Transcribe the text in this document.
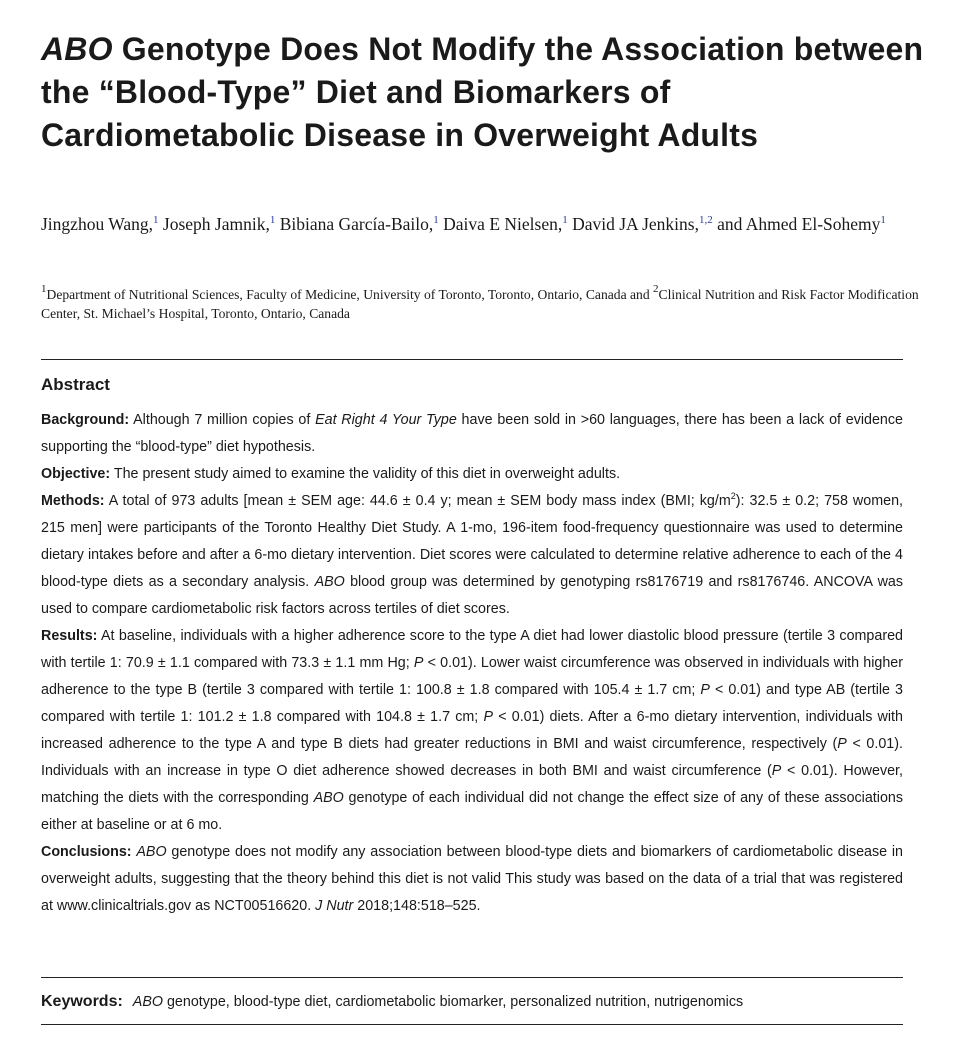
ABO Genotype Does Not Modify the Association between the “Blood-Type” Diet and Biomarkers of Cardiometabolic Disease in Overweight Adults
Jingzhou Wang,$^1$ Joseph Jamnik,$^1$ Bibiana García-Bailo,$^1$ Daiva E Nielsen,$^1$ David JA Jenkins,$^{1,2}$ and Ahmed El-Sohemy$^1$
$^1$Department of Nutritional Sciences, Faculty of Medicine, University of Toronto, Toronto, Ontario, Canada and $^2$Clinical Nutrition and Risk Factor Modification Center, St. Michael’s Hospital, Toronto, Ontario, Canada
Abstract

Background: Although 7 million copies of Eat Right 4 Your Type have been sold in >60 languages, there has been a lack of evidence supporting the “blood-type” diet hypothesis.

Objective: The present study aimed to examine the validity of this diet in overweight adults.

Methods: A total of 973 adults [mean ± SEM age: 44.6 ± 0.4 y; mean ± SEM body mass index (BMI; $kg/m^2$): 32.5 ± 0.2; 758 women, 215 men] were participants of the Toronto Healthy Diet Study. A 1-mo, 196-item food-frequency questionnaire was used to determine dietary intakes before and after a 6-mo dietary intervention. Diet scores were calculated to determine relative adherence to each of the 4 blood-type diets as a secondary analysis. ABO blood group was determined by genotyping rs8176719 and rs8176746. ANCOVA was used to compare cardiometabolic risk factors across tertiles of diet scores.

Results: At baseline, individuals with a higher adherence score to the type A diet had lower diastolic blood pressure (tertile 3 compared with tertile 1: 70.9 ± 1.1 compared with 73.3 ± 1.1 mm Hg; P < 0.01). Lower waist circumference was observed in individuals with higher adherence to the type B (tertile 3 compared with tertile 1: 100.8 ± 1.8 compared with 105.4 ± 1.7 cm; P < 0.01) and type AB (tertile 3 compared with tertile 1: 101.2 ± 1.8 compared with 104.8 ± 1.7 cm; P < 0.01) diets. After a 6-mo dietary intervention, individuals with increased adherence to the type A and type B diets had greater reductions in BMI and waist circumference, respectively (P < 0.01). Individuals with an increase in type O diet adherence showed decreases in both BMI and waist circumference (P < 0.01). However, matching the diets with the corresponding ABO genotype of each individual did not change the effect size of any of these associations either at baseline or at 6 mo.

Conclusions: ABO genotype does not modify any association between blood-type diets and biomarkers of cardiometabolic disease in overweight adults, suggesting that the theory behind this diet is not valid This study was based on the data of a trial that was registered at www.clinicaltrials.gov as NCT00516620. J Nutr 2018;148:518–525.

Keywords: ABO genotype, blood-type diet, cardiometabolic biomarker, personalized nutrition, nutrigenomics
